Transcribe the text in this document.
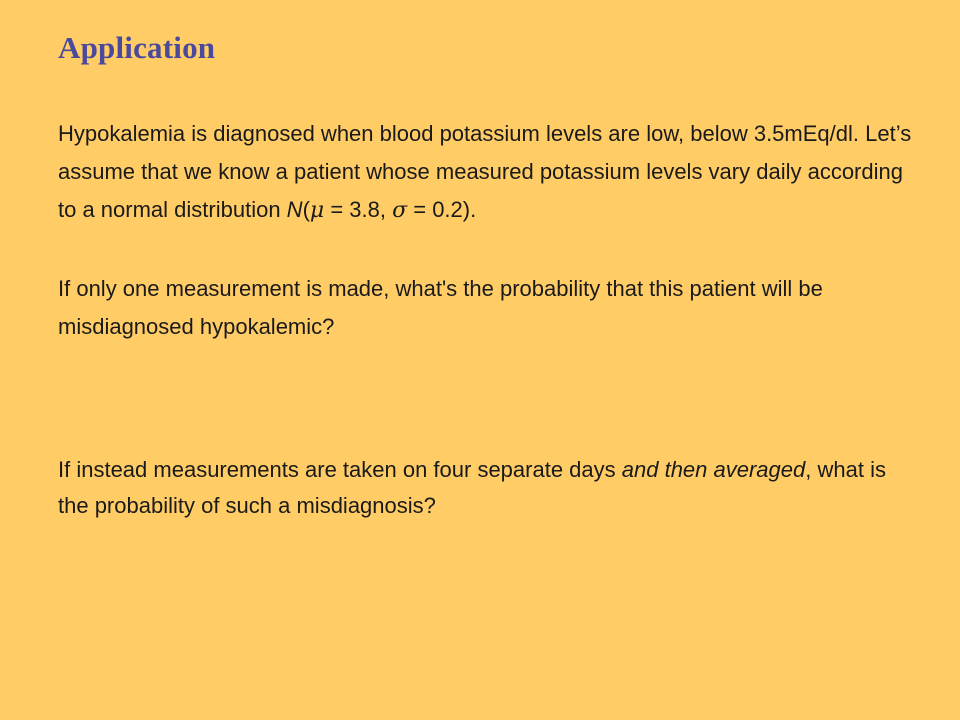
Application
Hypokalemia is diagnosed when blood potassium levels are low, below 3.5mEq/dl. Let’s assume that we know a patient whose measured potassium levels vary daily according to a normal distribution N(μ = 3.8, σ = 0.2).
If only one measurement is made, what's the probability that this patient will be misdiagnosed hypokalemic?
If instead measurements are taken on four separate days and then averaged, what is the probability of such a misdiagnosis?
